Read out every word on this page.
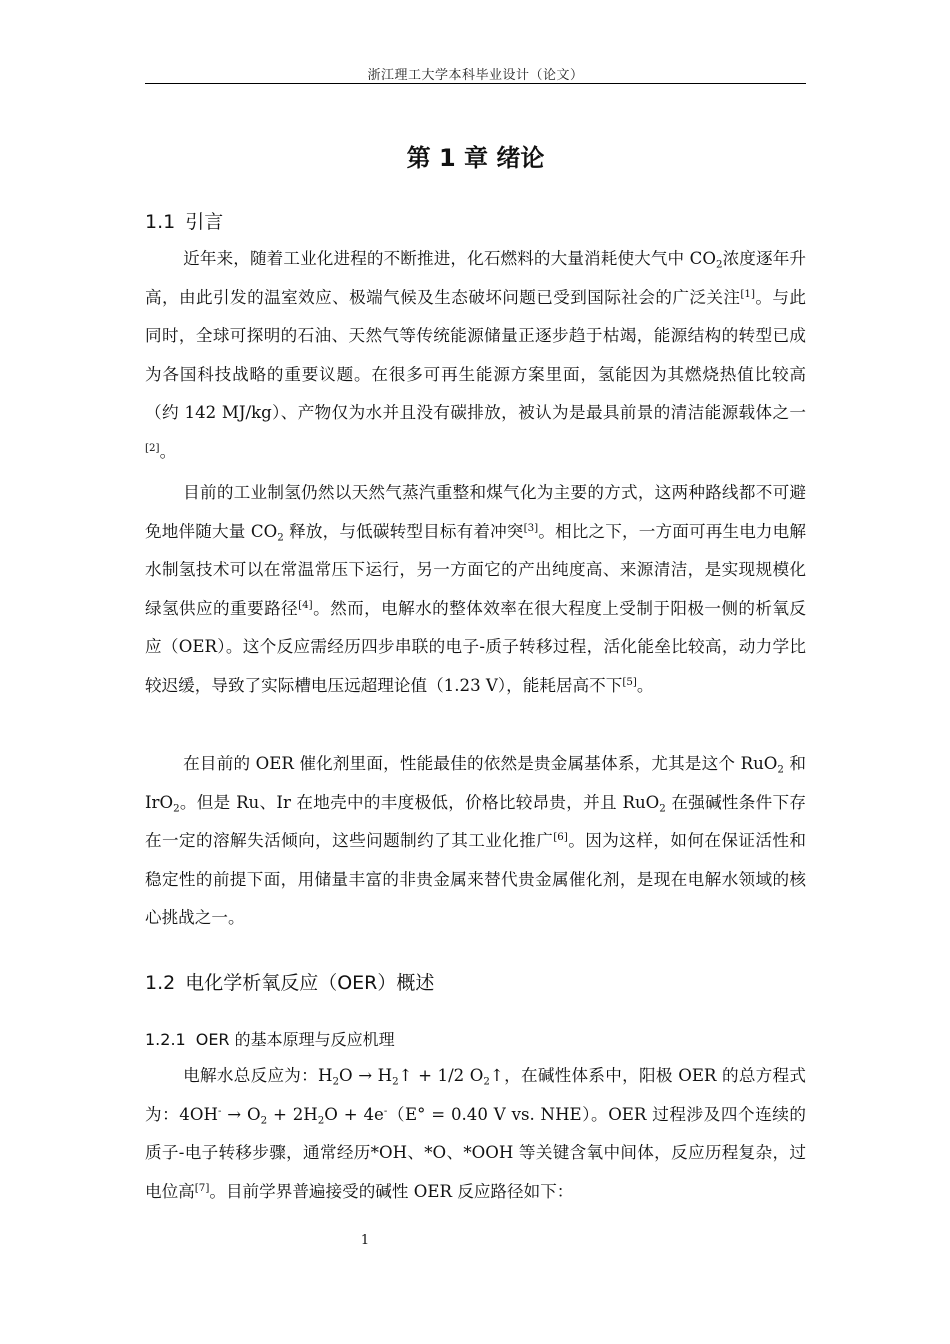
浙江理工大学本科毕业设计（论文）
第 1 章 绪论
1.1 引言
近年来，随着工业化进程的不断推进，化石燃料的大量消耗使大气中 $CO_2$浓度逐年升高，由此引发的温室效应、极端气候及生态破坏问题已受到国际社会的广泛关注[1]。与此同时，全球可探明的石油、天然气等传统能源储量正逐步趋于枯竭，能源结构的转型已成为各国科技战略的重要议题。在很多可再生能源方案里面，氢能因为其燃烧热值比较高（约 142 MJ/kg）、产物仅为水并且没有碳排放，被认为是最具前景的清洁能源载体之一[2]。
目前的工业制氢仍然以天然气蒸汽重整和煤气化为主要的方式，这两种路线都不可避免地伴随大量 $CO_2$ 释放，与低碳转型目标有着冲突[3]。相比之下，一方面可再生电力电解水制氢技术可以在常温常压下运行，另一方面它的产出纯度高、来源清洁，是实现规模化绿氢供应的重要路径[4]。然而，电解水的整体效率在很大程度上受制于阳极一侧的析氧反应（OER）。这个反应需经历四步串联的电子-质子转移过程，活化能垒比较高，动力学比较迟缓，导致了实际槽电压远超理论值（1.23 V），能耗居高不下[5]。
在目前的 OER 催化剂里面，性能最佳的依然是贵金属基体系，尤其是这个 RuO$_2$ 和 IrO$_2$。但是 Ru、Ir 在地壳中的丰度极低，价格比较昂贵，并且 RuO$_2$ 在强碱性条件下存在一定的溶解失活倾向，这些问题制约了其工业化推广[6]。因为这样，如何在保证活性和稳定性的前提下面，用储量丰富的非贵金属来替代贵金属催化剂，是现在电解水领域的核心挑战之一。
1.2 电化学析氧反应（OER）概述
1.2.1 OER 的基本原理与反应机理
电解水总反应为：$H_2O$ → $H_2↑ + 1/2$ $O_2↑$，在碱性体系中，阳极 OER 的总方程式为：$4OH^- \to O_2 + 2H_2O + 4e^-(E^\circ = 0.40$ V vs. NHE）。OER 过程涉及四个连续的质子-电子转移步骤，通常经历*OH、*O、*OOH 等关键含氧中间体，反应历程复杂，过电位高[7]。目前学界普遍接受的碱性 OER 反应路径如下：
1
